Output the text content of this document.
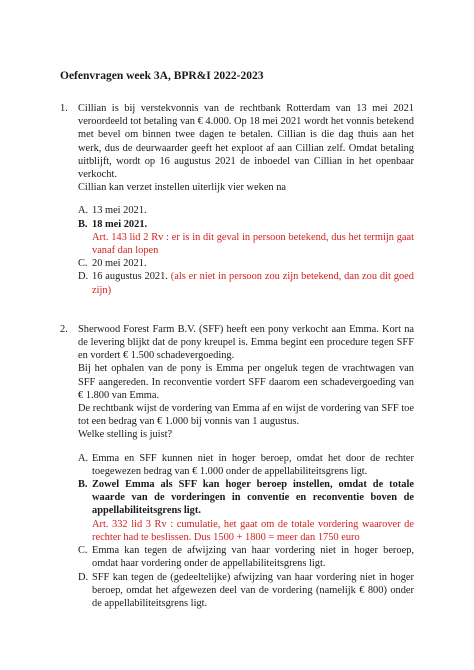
Oefenvragen week 3A, BPR&I 2022-2023

1. Cillian is bij verstekvonnis van de rechtbank Rotterdam van 13 mei 2021 veroordeeld tot betaling van € 4.000. Op 18 mei 2021 wordt het vonnis betekend met bevel om binnen twee dagen te betalen. Cillian is die dag thuis aan het werk, dus de deurwaarder geeft het exploot af aan Cillian zelf. Omdat betaling uitblijft, wordt op 16 augustus 2021 de inboedel van Cillian in het openbaar verkocht.

Cillian kan verzet instellen uiterlijk vier weken na

A. 13 mei 2021.
B. 18 mei 2021.
Art. 143 lid 2 Rv : er is in dit geval in persoon betekend, dus het termijn gaat vanaf dan lopen
C. 20 mei 2021.
D. 16 augustus 2021. (als er niet in persoon zou zijn betekend, dan zou dit goed zijn)
2. Sherwood Forest Farm B.V. (SFF) heeft een pony verkocht aan Emma. Kort na de levering blijkt dat de pony kreupel is. Emma begint een procedure tegen SFF en vordert € 1.500 schadevergoeding.

Bij het ophalen van de pony is Emma per ongeluk tegen de vrachtwagen van SFF aangereden. In reconventie vordert SFF daarom een schadevergoeding van € 1.800 van Emma.

De rechtbank wijst de vordering van Emma af en wijst de vordering van SFF toe tot een bedrag van € 1.000 bij vonnis van 1 augustus.

Welke stelling is juist?

A. Emma en SFF kunnen niet in hoger beroep, omdat het door de rechter toegewezen bedrag van € 1.000 onder de appellabiliteitsgrens ligt.
B. Zowel Emma als SFF kan hoger beroep instellen, omdat de totale waarde van de vorderingen in conventie en reconventie boven de appellabiliteitsgrens ligt.
Art. 332 lid 3 Rv : cumulatie, het gaat om de totale vordering waarover de rechter had te beslissen. Dus 1500 + 1800 = meer dan 1750 euro
C. Emma kan tegen de afwijzing van haar vordering niet in hoger beroep, omdat haar vordering onder de appellabiliteitsgrens ligt.
D. SFF kan tegen de (gedeeltelijke) afwijzing van haar vordering niet in hoger beroep, omdat het afgewezen deel van de vordering (namelijk € 800) onder de appellabiliteitsgrens ligt.
